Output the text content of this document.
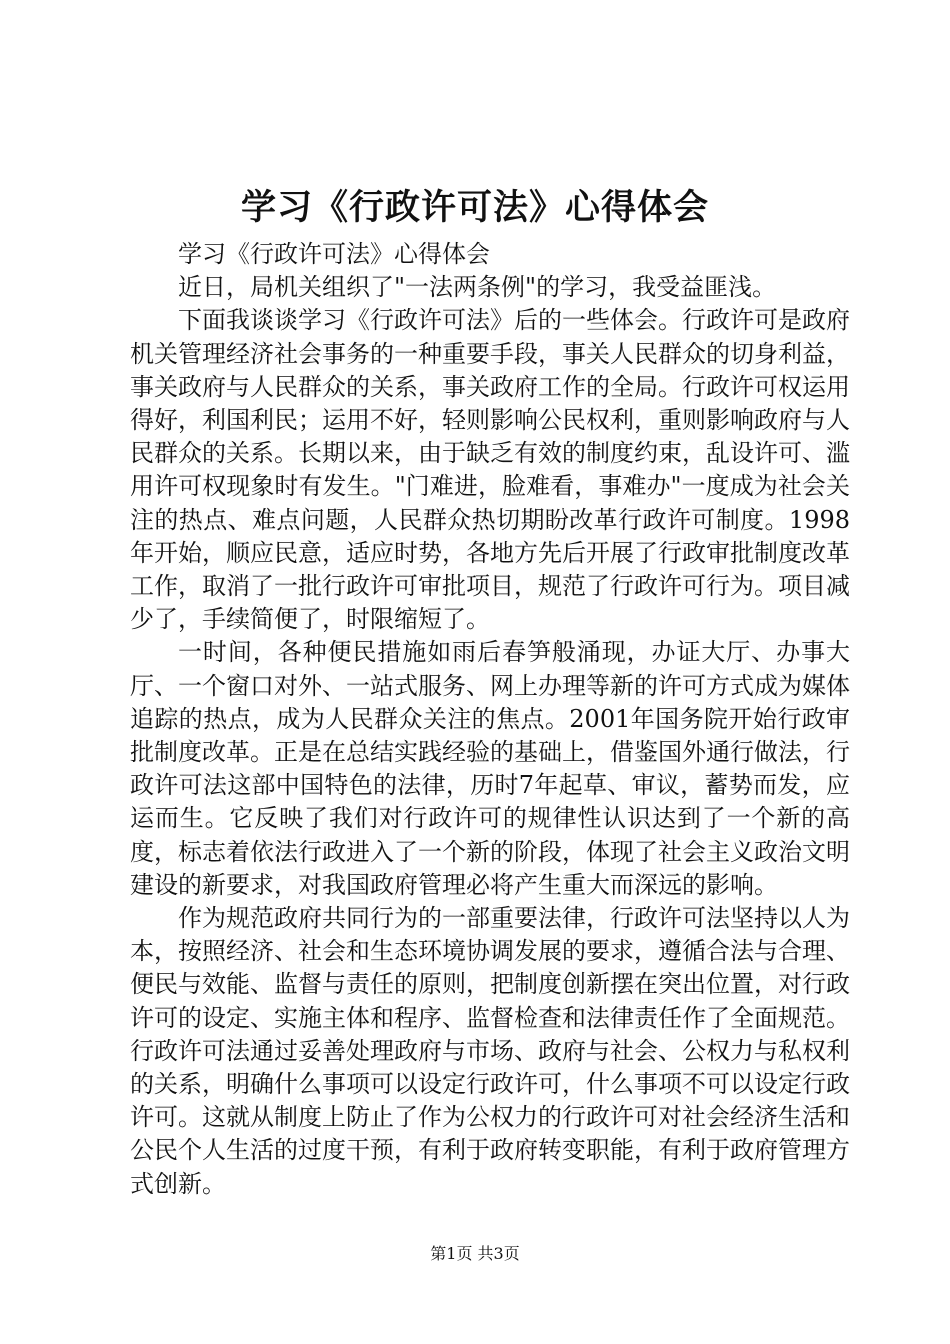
学习《行政许可法》心得体会

学习《行政许可法》心得体会

近日，局机关组织了"一法两条例"的学习，我受益匪浅。

下面我谈谈学习《行政许可法》后的一些体会。行政许可是政府机关管理经济社会事务的一种重要手段，事关人民群众的切身利益，事关政府与人民群众的关系，事关政府工作的全局。行政许可权运用得好，利国利民；运用不好，轻则影响公民权利，重则影响政府与人民群众的关系。长期以来，由于缺乏有效的制度约束，乱设许可、滥用许可权现象时有发生。"门难进，脸难看，事难办"一度成为社会关注的热点、难点问题，人民群众热切期盼改革行政许可制度。1998年开始，顺应民意，适应时势，各地方先后开展了行政审批制度改革工作，取消了一批行政许可审批项目，规范了行政许可行为。项目减少了，手续简便了，时限缩短了。

一时间，各种便民措施如雨后春笋般涌现，办证大厅、办事大厅、一个窗口对外、一站式服务、网上办理等新的许可方式成为媒体追踪的热点，成为人民群众关注的焦点。2001年国务院开始行政审批制度改革。正是在总结实践经验的基础上，借鉴国外通行做法，行政许可法这部中国特色的法律，历时7年起草、审议，蓄势而发，应运而生。它反映了我们对行政许可的规律性认识达到了一个新的高度，标志着依法行政进入了一个新的阶段，体现了社会主义政治文明建设的新要求，对我国政府管理必将产生重大而深远的影响。

作为规范政府共同行为的一部重要法律，行政许可法坚持以人为本，按照经济、社会和生态环境协调发展的要求，遵循合法与合理、便民与效能、监督与责任的原则，把制度创新摆在突出位置，对行政许可的设定、实施主体和程序、监督检查和法律责任作了全面规范。行政许可法通过妥善处理政府与市场、政府与社会、公权力与私权利的关系，明确什么事项可以设定行政许可，什么事项不可以设定行政许可。这就从制度上防止了作为公权力的行政许可对社会经济生活和公民个人生活的过度干预，有利于政府转变职能，有利于政府管理方式创新。

第1页 共3页
